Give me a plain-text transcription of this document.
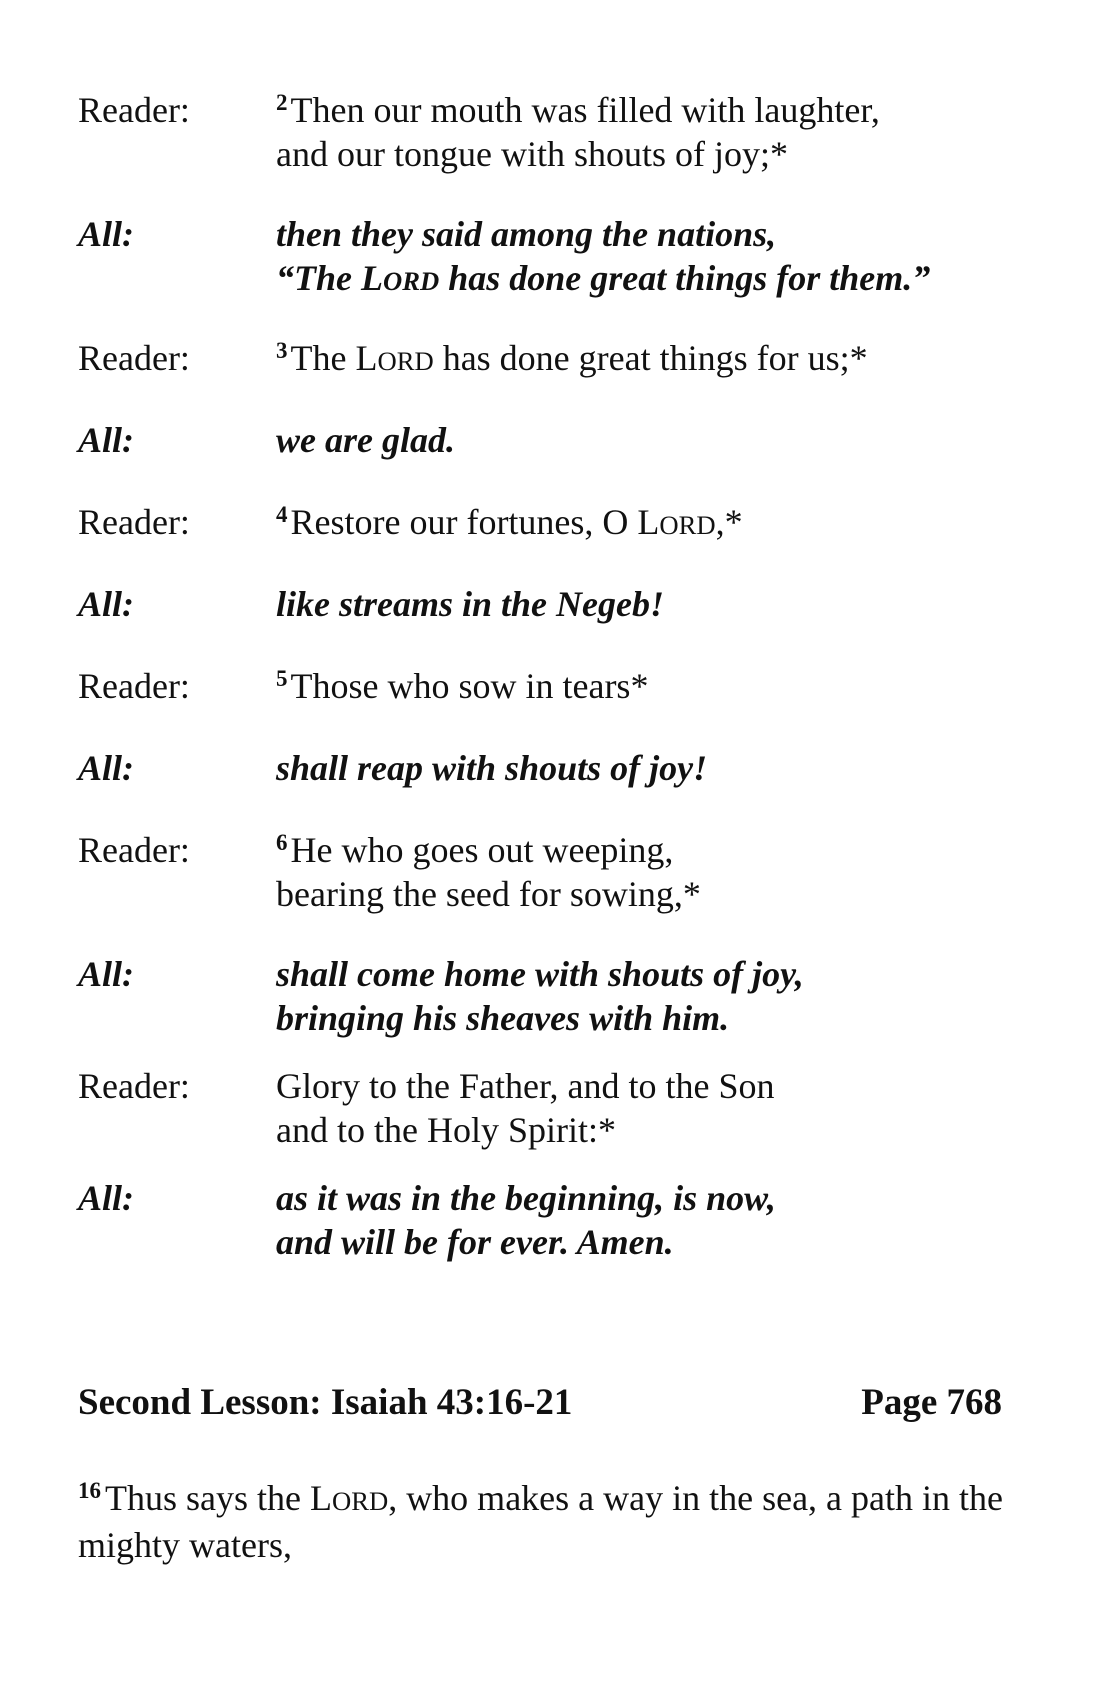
Reader:	$^2$Then our mouth was filled with laughter,
and our tongue with shouts of joy;*
All:	then they said among the nations,
“The LORD has done great things for them.”
Reader:	$^3$The LORD has done great things for us;*
All:	we are glad.
Reader:	$^4$Restore our fortunes, O LORD,*
All:	like streams in the Negeb!
Reader:	$^5$Those who sow in tears*
All:	shall reap with shouts of joy!
Reader:	$^6$He who goes out weeping,
bearing the seed for sowing,*
All:	shall come home with shouts of joy,
bringing his sheaves with him.
Reader: Glory to the Father, and to the Son
and to the Holy Spirit:*
All:	as it was in the beginning, is now,
and will be for ever. Amen.
Second Lesson: Isaiah 43:16-21	Page 768
$^{16}$ Thus says the LORD, who makes a way in the sea, a path in the mighty waters,
